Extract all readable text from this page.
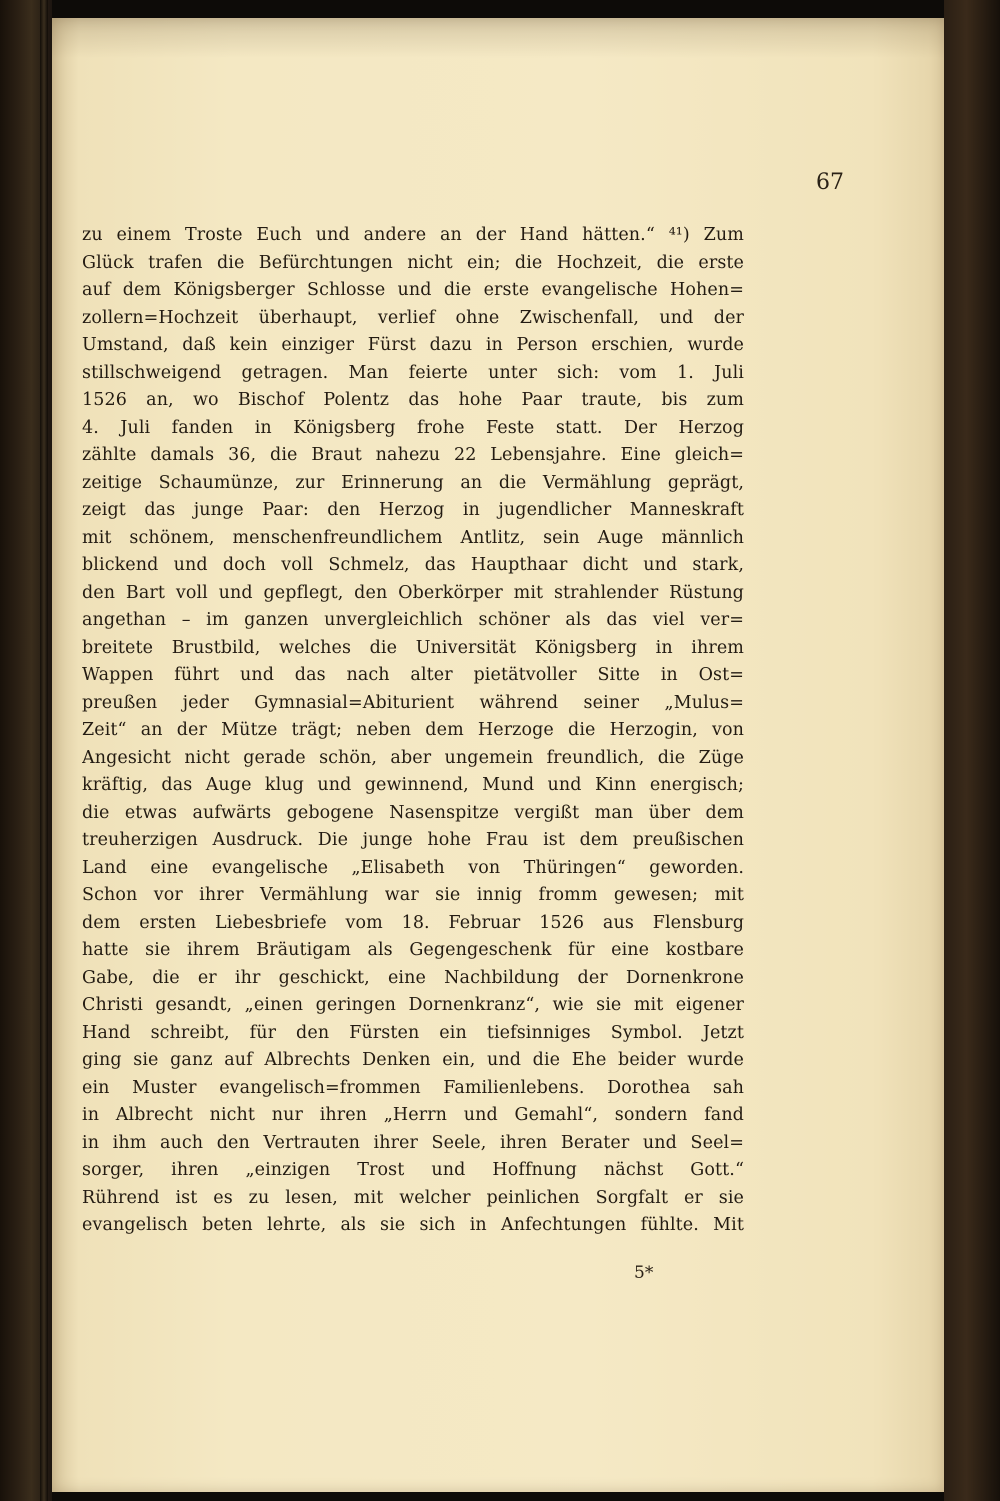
67

zu einem Troste Euch und andere an der Hand hätten.“ ⁴¹) Zum
Glück trafen die Befürchtungen nicht ein; die Hochzeit, die erste
auf dem Königsberger Schlosse und die erste evangelische Hohen=
zollern=Hochzeit überhaupt, verlief ohne Zwischenfall, und der
Umstand, daß kein einziger Fürst dazu in Person erschien, wurde
stillschweigend getragen. Man feierte unter sich: vom 1. Juli
1526 an, wo Bischof Polentz das hohe Paar traute, bis zum
4. Juli fanden in Königsberg frohe Feste statt. Der Herzog
zählte damals 36, die Braut nahezu 22 Lebensjahre. Eine gleich=
zeitige Schaumünze, zur Erinnerung an die Vermählung geprägt,
zeigt das junge Paar: den Herzog in jugendlicher Manneskraft
mit schönem, menschenfreundlichem Antlitz, sein Auge männlich
blickend und doch voll Schmelz, das Haupthaar dicht und stark,
den Bart voll und gepflegt, den Oberkörper mit strahlender Rüstung
angethan – im ganzen unvergleichlich schöner als das viel ver=
breitete Brustbild, welches die Universität Königsberg in ihrem
Wappen führt und das nach alter pietätvoller Sitte in Ost=
preußen jeder Gymnasial=Abiturient während seiner „Mulus=
Zeit“ an der Mütze trägt; neben dem Herzoge die Herzogin, von
Angesicht nicht gerade schön, aber ungemein freundlich, die Züge
kräftig, das Auge klug und gewinnend, Mund und Kinn energisch;
die etwas aufwärts gebogene Nasenspitze vergißt man über dem
treuherzigen Ausdruck. Die junge hohe Frau ist dem preußischen
Land eine evangelische „Elisabeth von Thüringen“ geworden.
Schon vor ihrer Vermählung war sie innig fromm gewesen; mit
dem ersten Liebesbriefe vom 18. Februar 1526 aus Flensburg
hatte sie ihrem Bräutigam als Gegengeschenk für eine kostbare
Gabe, die er ihr geschickt, eine Nachbildung der Dornenkrone
Christi gesandt, „einen geringen Dornenkranz“, wie sie mit eigener
Hand schreibt, für den Fürsten ein tiefsinniges Symbol. Jetzt
ging sie ganz auf Albrechts Denken ein, und die Ehe beider wurde
ein Muster evangelisch=frommen Familienlebens. Dorothea sah
in Albrecht nicht nur ihren „Herrn und Gemahl“, sondern fand
in ihm auch den Vertrauten ihrer Seele, ihren Berater und Seel=
sorger, ihren „einzigen Trost und Hoffnung nächst Gott.“
Rührend ist es zu lesen, mit welcher peinlichen Sorgfalt er sie
evangelisch beten lehrte, als sie sich in Anfechtungen fühlte. Mit

5*
